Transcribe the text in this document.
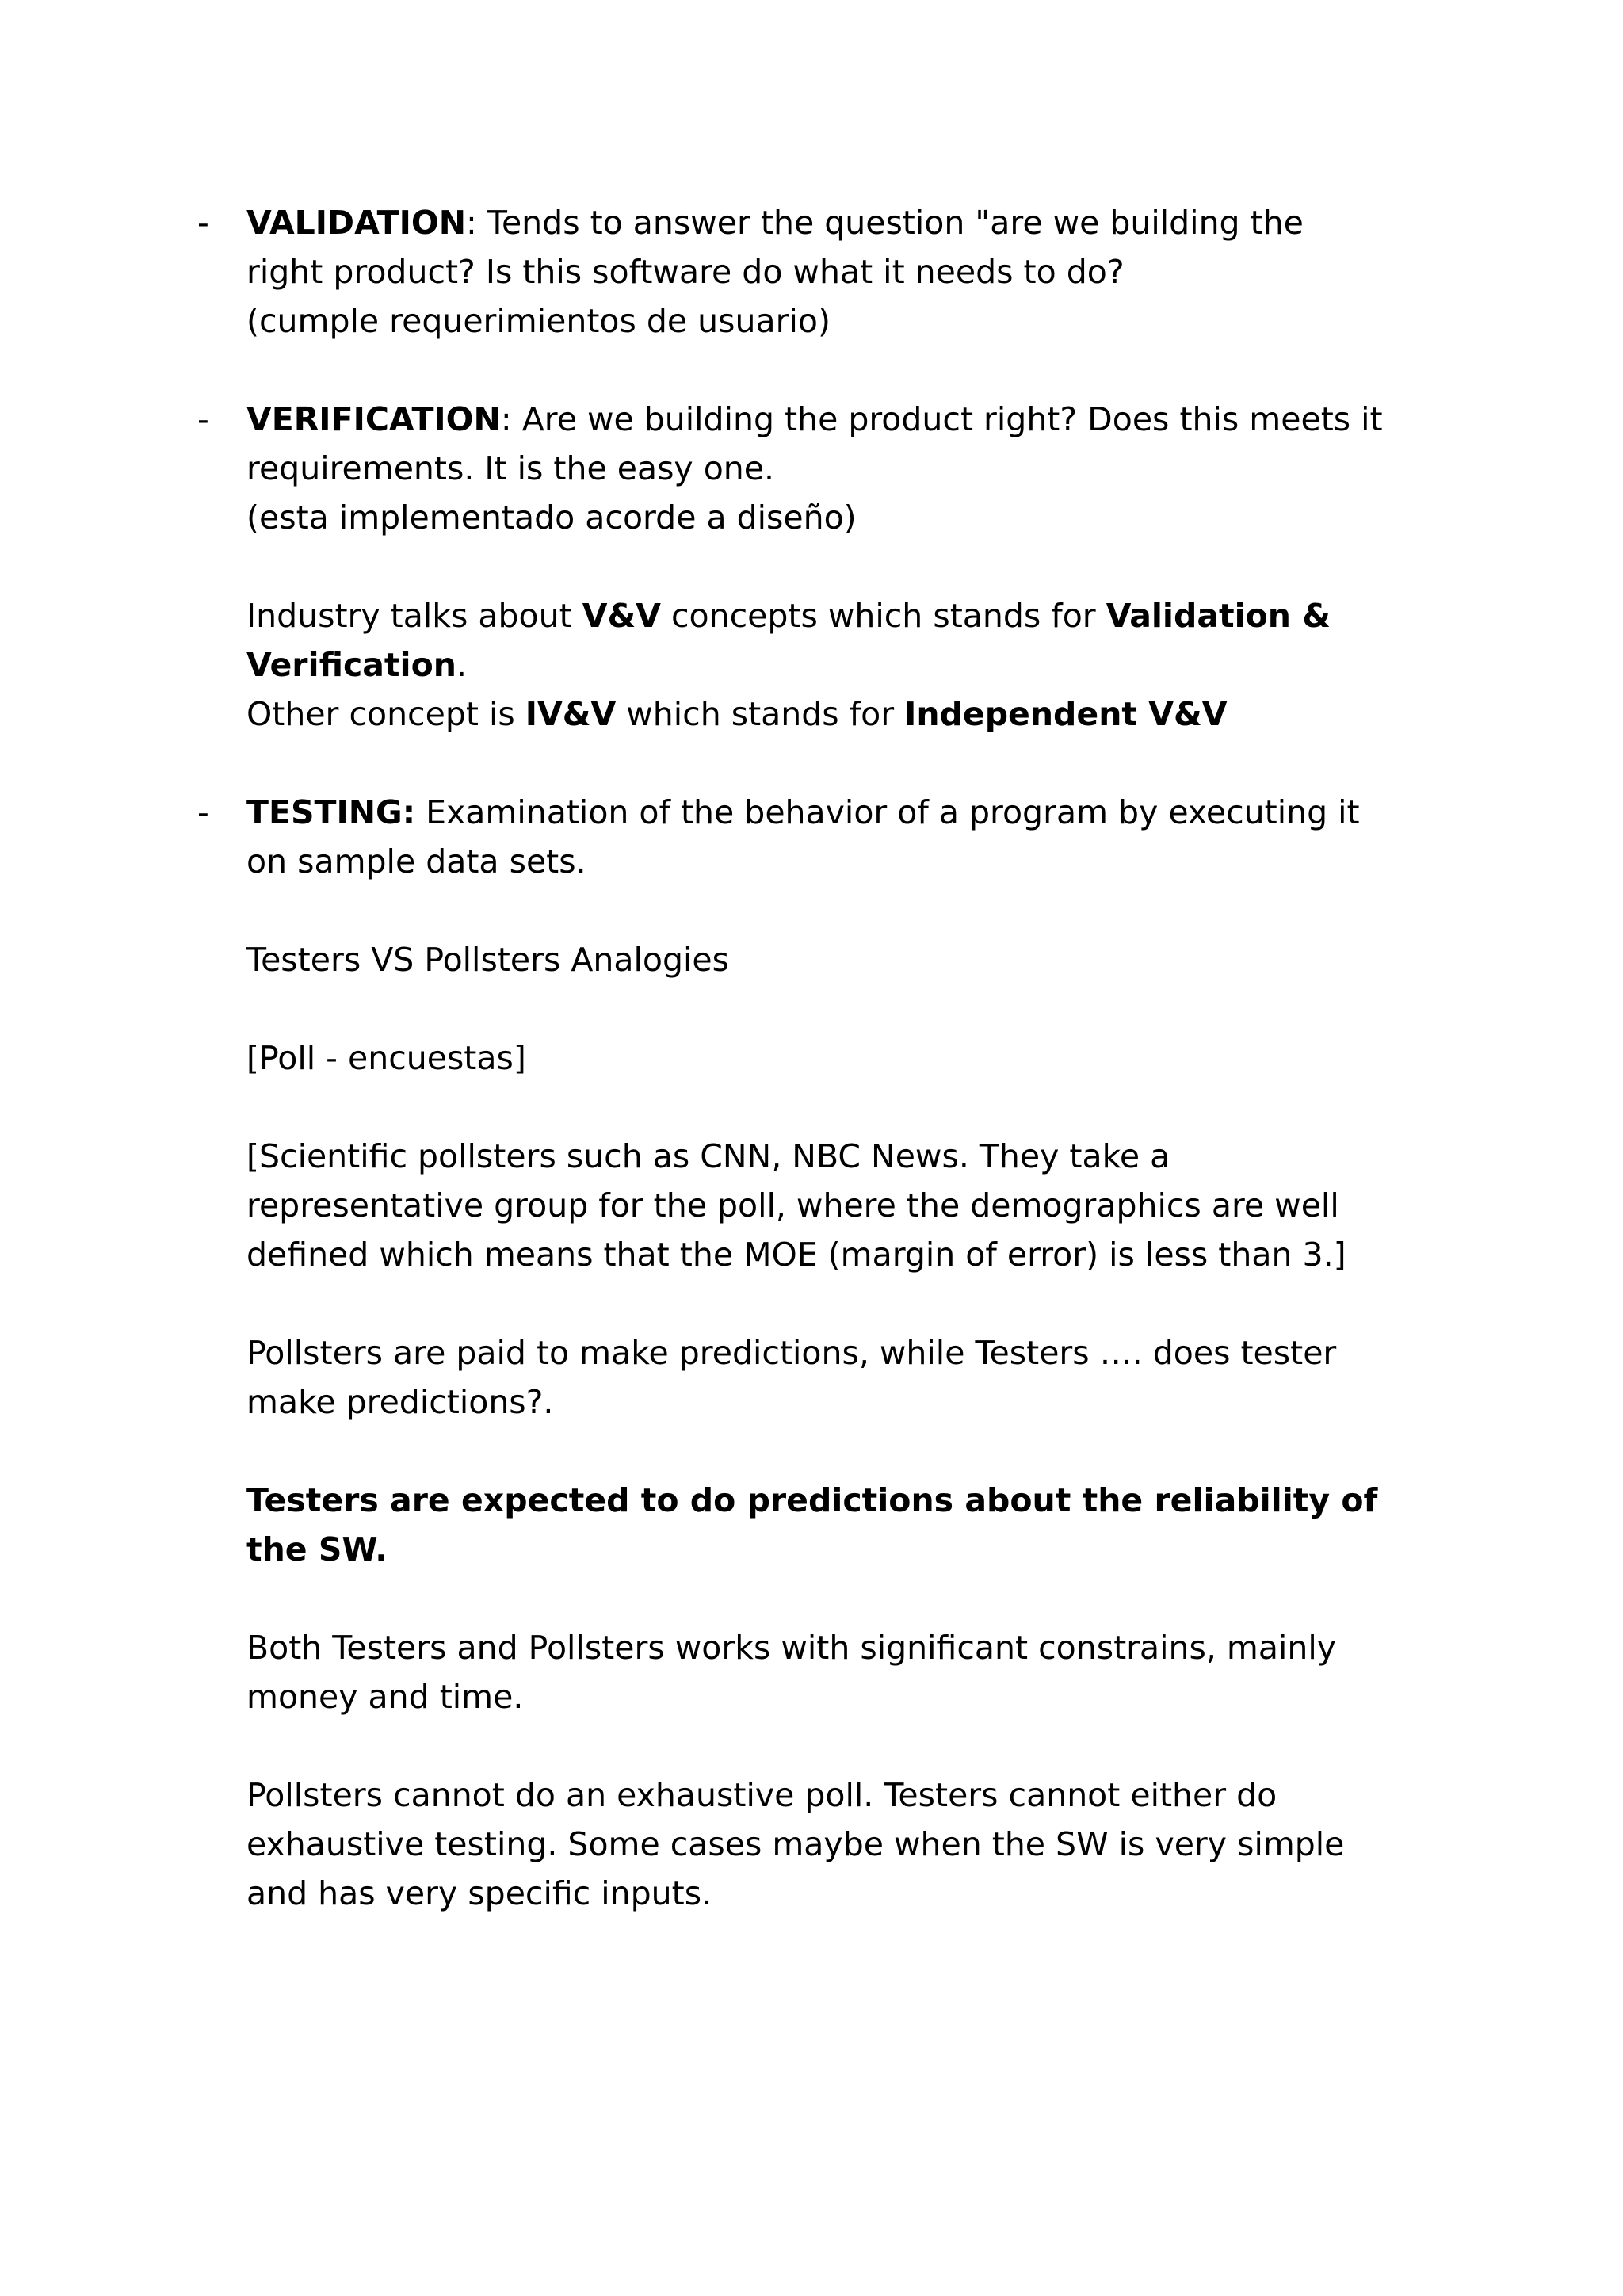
- VALIDATION: Tends to answer the question "are we building the
right product? Is this software do what it needs to do?
(cumple requerimientos de usuario)
- VERIFICATION: Are we building the product right? Does this meets it
requirements. It is the easy one.
(esta implementado acorde a diseño)
Industry talks about V&V concepts which stands for Validation &
Verification.
Other concept is IV&V which stands for Independent V&V
- TESTING: Examination of the behavior of a program by executing it
on sample data sets.
Testers VS Pollsters Analogies
[Poll - encuestas]
[Scientific pollsters such as CNN, NBC News. They take a
representative group for the poll, where the demographics are well
defined which means that the MOE (margin of error) is less than 3.]
Pollsters are paid to make predictions, while Testers …. does tester
make predictions?.
Testers are expected to do predictions about the reliability of
the SW.
Both Testers and Pollsters works with significant constrains, mainly
money and time.
Pollsters cannot do an exhaustive poll. Testers cannot either do
exhaustive testing. Some cases maybe when the SW is very simple
and has very specific inputs.
